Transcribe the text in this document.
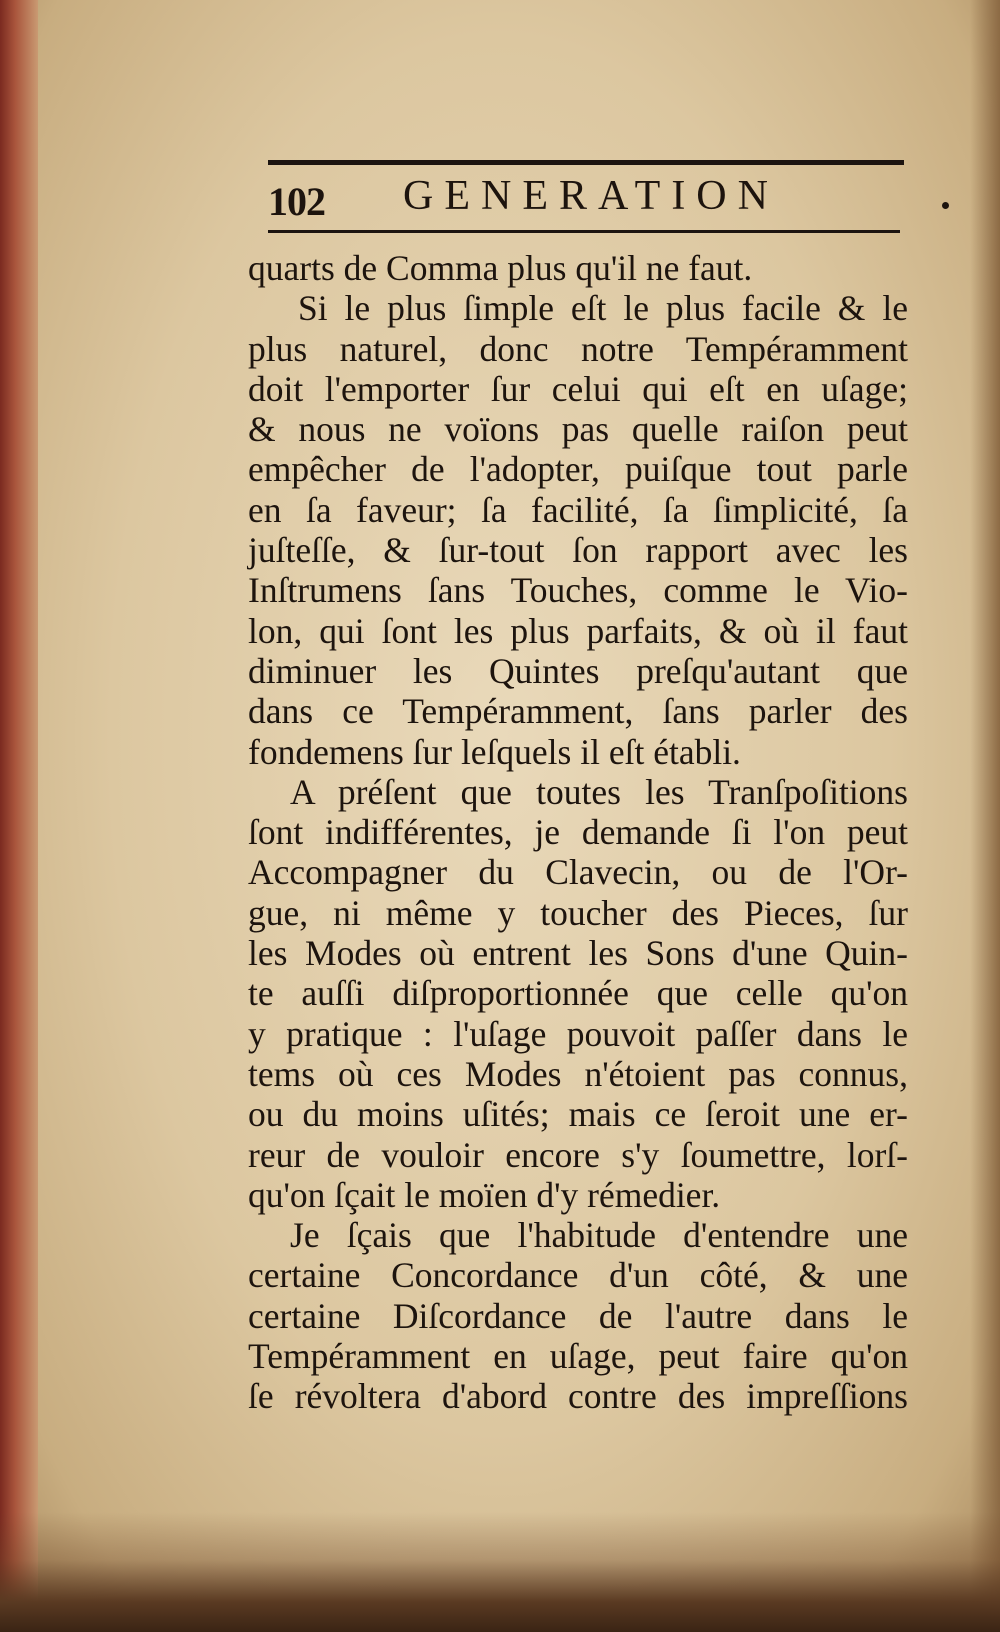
102 GENERATION
quarts de Comma plus qu'il ne faut.
Si le plus ſimple eſt le plus facile & le
plus naturel, donc notre Tempéramment
doit l'emporter ſur celui qui eſt en uſage;
& nous ne voïons pas quelle raiſon peut
empêcher de l'adopter, puiſque tout parle
en ſa faveur; ſa facilité, ſa ſimplicité, ſa
juſteſſe, & ſur-tout ſon rapport avec les
Inſtrumens ſans Touches, comme le Vio-
lon, qui ſont les plus parfaits, & où il faut
diminuer les Quintes preſqu'autant que
dans ce Tempéramment, ſans parler des
fondemens ſur leſquels il eſt établi.
A préſent que toutes les Tranſpoſitions
ſont indifférentes, je demande ſi l'on peut
Accompagner du Clavecin, ou de l'Or-
gue, ni même y toucher des Pieces, ſur
les Modes où entrent les Sons d'une Quin-
te auſſi diſproportionnée que celle qu'on
y pratique : l'uſage pouvoit paſſer dans le
tems où ces Modes n'étoient pas connus,
ou du moins uſités; mais ce ſeroit une er-
reur de vouloir encore s'y ſoumettre, lorſ-
qu'on ſçait le moïen d'y rémedier.
Je ſçais que l'habitude d'entendre une
certaine Concordance d'un côté, & une
certaine Diſcordance de l'autre dans le
Tempéramment en uſage, peut faire qu'on
ſe révoltera d'abord contre des impreſſions
